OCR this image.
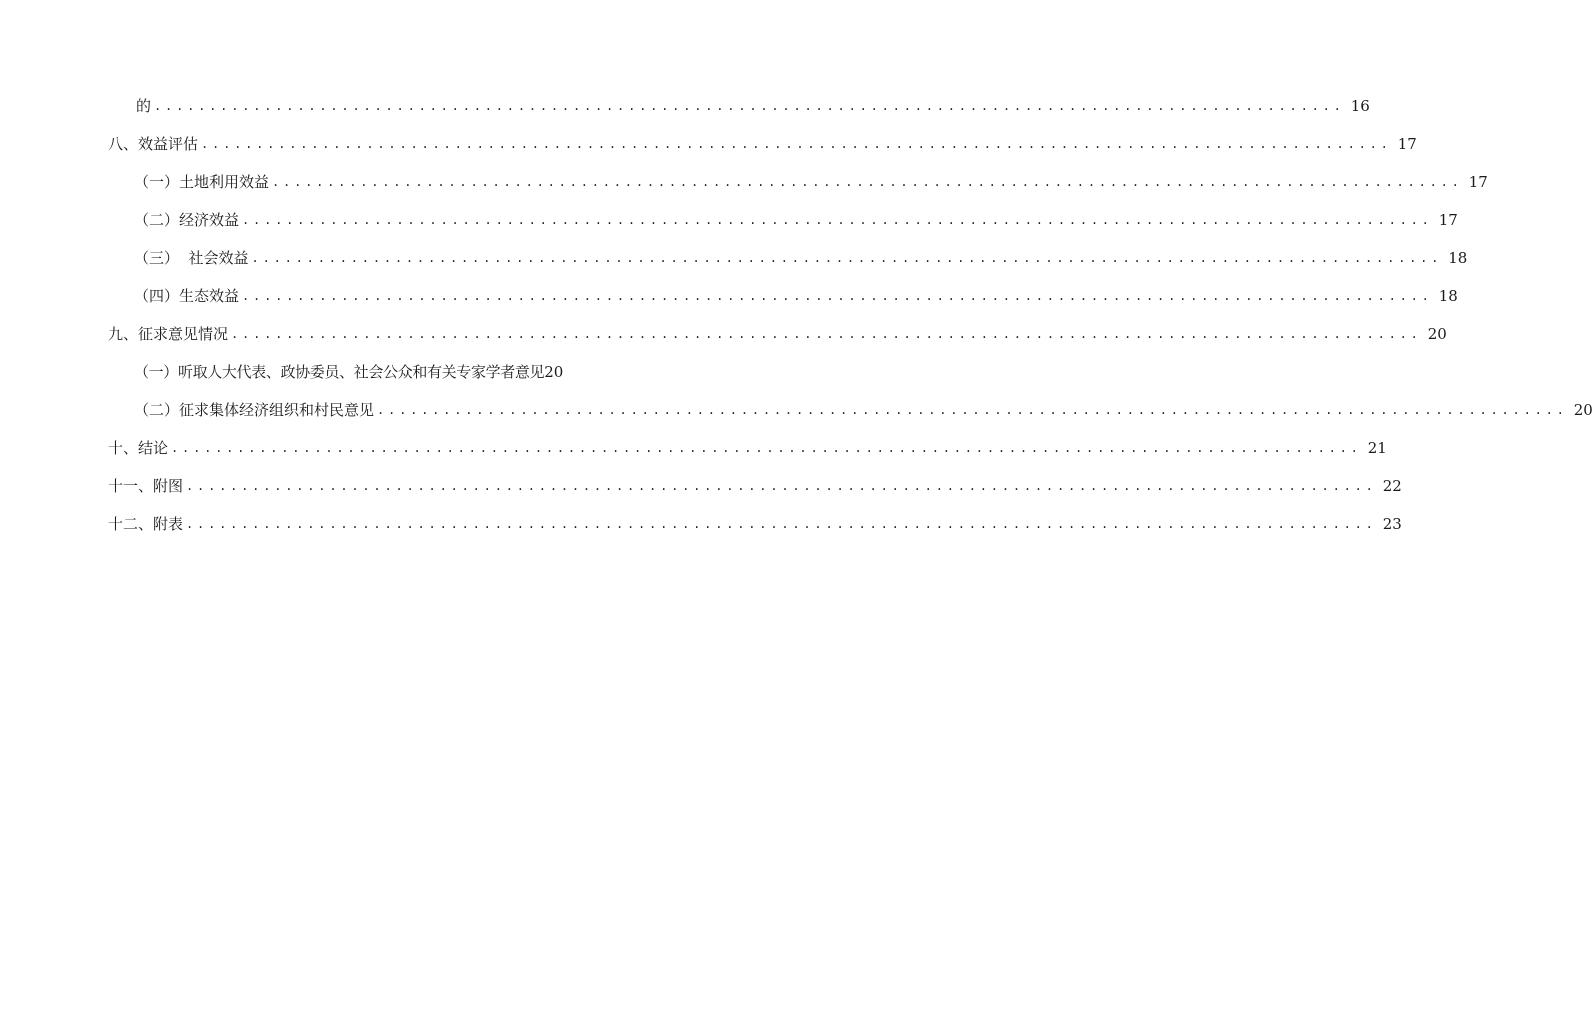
的 ............................................................................................................ 16
八、效益评估 ............................................................................................................ 17
（一）土地利用效益 ............................................................................................................ 17
（二）经济效益 ............................................................................................................ 17
（三）  社会效益 ............................................................................................................ 18
（四）生态效益 ............................................................................................................ 18
九、征求意见情况 ............................................................................................................ 20
（一）听取人大代表、政协委员、社会公众和有关专家学者意见 20
（二）征求集体经济组织和村民意见 ............................................................................................................ 20
十、结论 ............................................................................................................ 21
十一、附图 ............................................................................................................ 22
十二、附表 ............................................................................................................ 23
